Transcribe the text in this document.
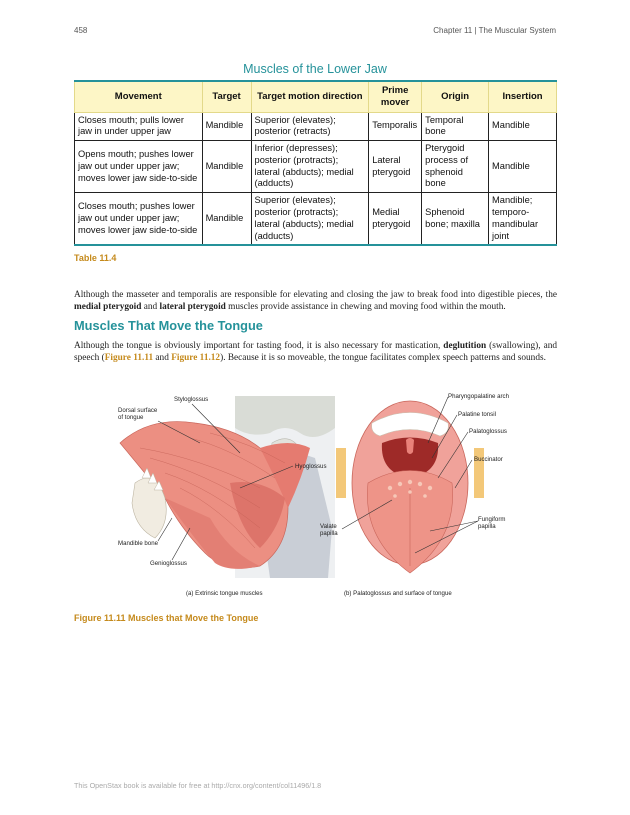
458	Chapter 11 | The Muscular System
Muscles of the Lower Jaw
Movement	Target	Target motion direction	Prime mover	Origin	Insertion
Closes mouth; pulls lower jaw in under upper jaw	Mandible	Superior (elevates); posterior (retracts)	Temporalis	Temporal bone	Mandible
Opens mouth; pushes lower jaw out under upper jaw; moves lower jaw side-to-side	Mandible	Inferior (depresses); posterior (protracts); lateral (abducts); medial (adducts)	Lateral pterygoid	Pterygoid process of sphenoid bone	Mandible
Closes mouth; pushes lower jaw out under upper jaw; moves lower jaw side-to-side	Mandible	Superior (elevates); posterior (protracts); lateral (abducts); medial (adducts)	Medial pterygoid	Sphenoid bone; maxilla	Mandible; temporo-mandibular joint
Table 11.4

Although the masseter and temporalis are responsible for elevating and closing the jaw to break food into digestible pieces, the medial pterygoid and lateral pterygoid muscles provide assistance in chewing and moving food within the mouth.

Muscles That Move the Tongue

Although the tongue is obviously important for tasting food, it is also necessary for mastication, deglutition (swallowing), and speech (Figure 11.11 and Figure 11.12). Because it is so moveable, the tongue facilitates complex speech patterns and sounds.

Styloglossus
Dorsal surface
of tongue
Hyoglossus
Mandible bone
Genioglossus
Pharyngopalatine arch
Palatine tonsil
Palatoglossus
Buccinator
Fungiform
papilla
Valate
papilla
(a) Extrinsic tongue muscles	(b) Palatoglossus and surface of tongue
Figure 11.11 Muscles that Move the Tongue
This OpenStax book is available for free at http://cnx.org/content/col11496/1.8
